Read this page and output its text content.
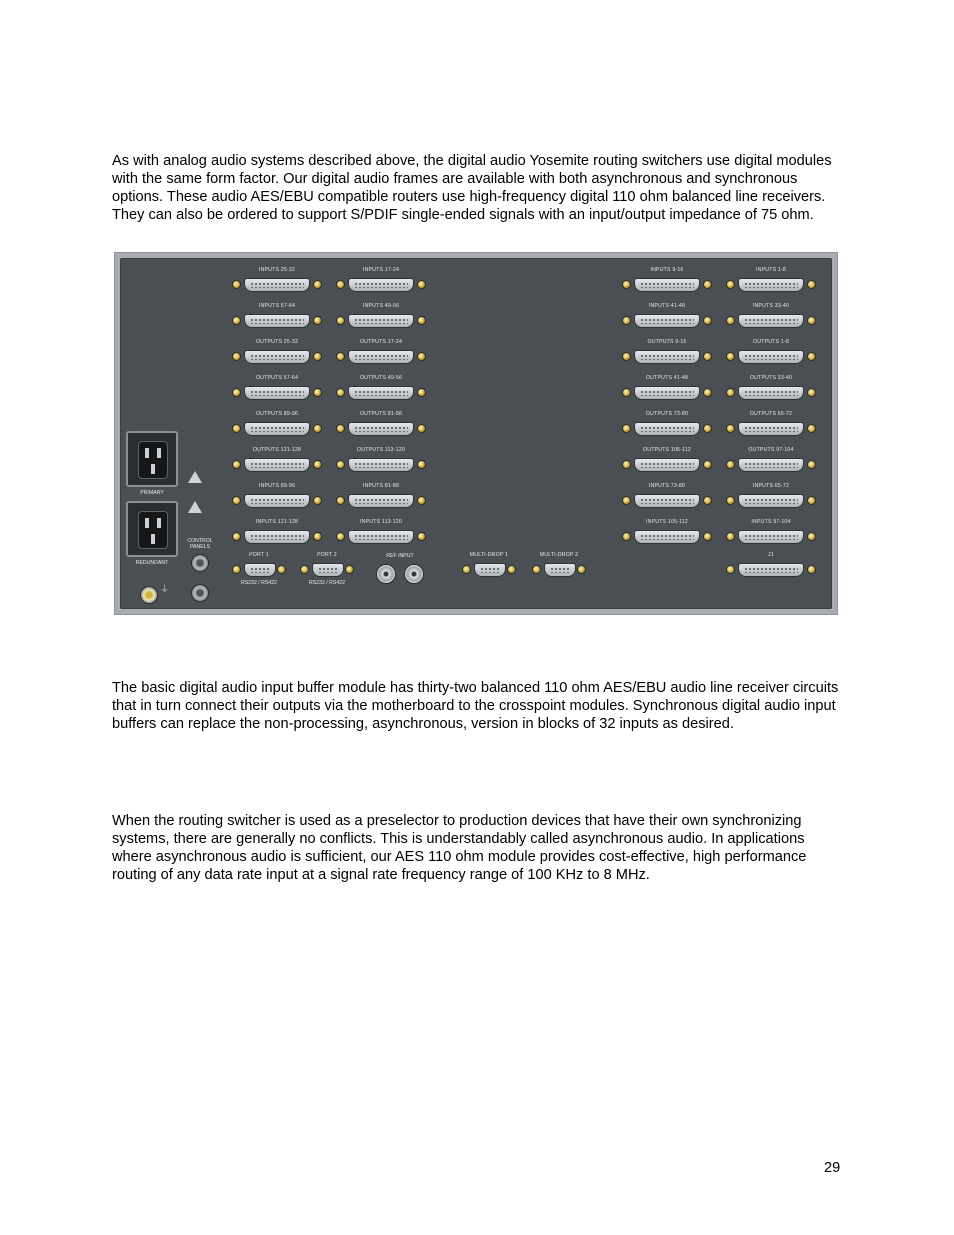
As with analog audio systems described above, the digital audio Yosemite routing switchers use digital modules with the same form factor. Our digital audio frames are available with both asynchronous and synchronous options. These audio AES/EBU compatible routers use high-frequency digital 110 ohm balanced line receivers. They can also be ordered to support S/PDIF single-ended signals with an input/output impedance of 75 ohm.

INPUTS 25-32
INPUTS 57-64
OUTPUTS 25-32
OUTPUTS 57-64
OUTPUTS 89-96
OUTPUTS 121-128
INPUTS 89-96
INPUTS 121-128
INPUTS 17-24
INPUTS 49-56
OUTPUTS 17-24
OUTPUTS 49-56
OUTPUTS 81-88
OUTPUTS 113-120
INPUTS 81-88
INPUTS 113-120
INPUTS 9-16
INPUTS 41-48
OUTPUTS 9-16
OUTPUTS 41-48
OUTPUTS 73-80
OUTPUTS 105-112
INPUTS 73-80
INPUTS 105-112
INPUTS 1-8
INPUTS 33-40
OUTPUTS 1-8
OUTPUTS 33-40
OUTPUTS 65-72
OUTPUTS 97-104
INPUTS 65-72
INPUTS 97-104
PRIMARY
REDUNDANT
CONTROL PANELS
⏚
PORT 1
RS232 / RS422
PORT 2
RS232 / RS422
REF INPUT	MULTI-DROP 1	MULTI-DROP 2	J1

The basic digital audio input buffer module has thirty-two balanced 110 ohm AES/EBU audio line receiver circuits that in turn connect their outputs via the motherboard to the crosspoint modules. Synchronous digital audio input buffers can replace the non-processing, asynchronous, version in blocks of 32 inputs as desired.

When the routing switcher is used as a preselector to production devices that have their own synchronizing systems, there are generally no conflicts. This is understandably called asynchronous audio. In applications where asynchronous audio is sufficient, our AES 110 ohm module provides cost-effective, high performance routing of any data rate input at a signal rate frequency range of 100 KHz to 8 MHz.

29
